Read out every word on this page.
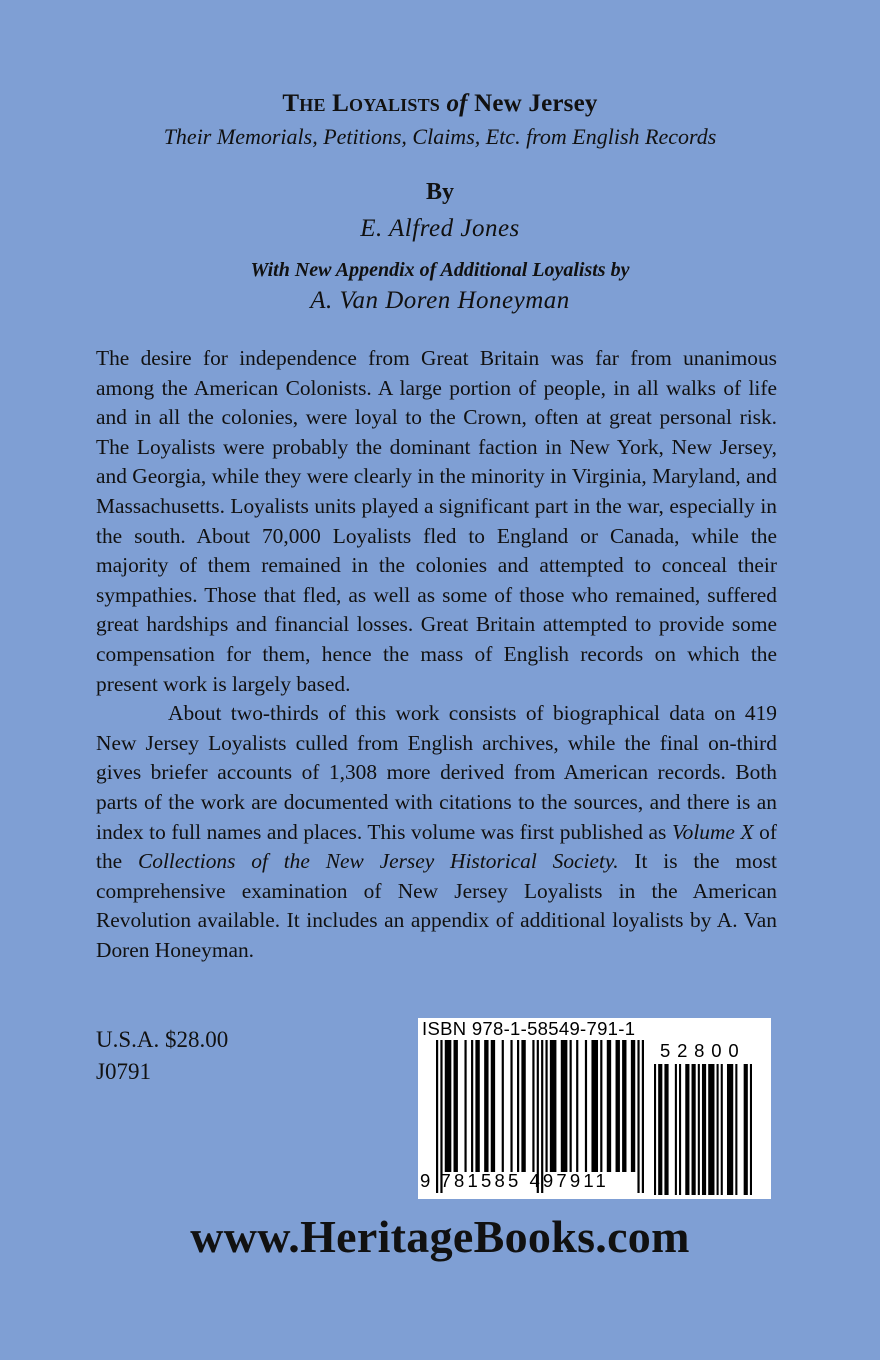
The Loyalists of New Jersey
Their Memorials, Petitions, Claims, Etc. from English Records
By
E. Alfred Jones
With New Appendix of Additional Loyalists by
A. Van Doren Honeyman

The desire for independence from Great Britain was far from unanimous among the American Colonists. A large portion of people, in all walks of life and in all the colonies, were loyal to the Crown, often at great personal risk. The Loyalists were probably the dominant faction in New York, New Jersey, and Georgia, while they were clearly in the minority in Virginia, Maryland, and Massachusetts. Loyalists units played a significant part in the war, especially in the south. About 70,000 Loyalists fled to England or Canada, while the majority of them remained in the colonies and attempted to conceal their sympathies. Those that fled, as well as some of those who remained, suffered great hardships and financial losses. Great Britain attempted to provide some compensation for them, hence the mass of English records on which the present work is largely based.

About two-thirds of this work consists of biographical data on 419 New Jersey Loyalists culled from English archives, while the final on-third gives briefer accounts of 1,308 more derived from American records. Both parts of the work are documented with citations to the sources, and there is an index to full names and places. This volume was first published as Volume X of the Collections of the New Jersey Historical Society. It is the most comprehensive examination of New Jersey Loyalists in the American Revolution available. It includes an appendix of additional loyalists by A. Van Doren Honeyman.

U.S.A. $28.00
J0791
ISBN 978-1-58549-791-1
9 781585 497911
52800
www.HeritageBooks.com
